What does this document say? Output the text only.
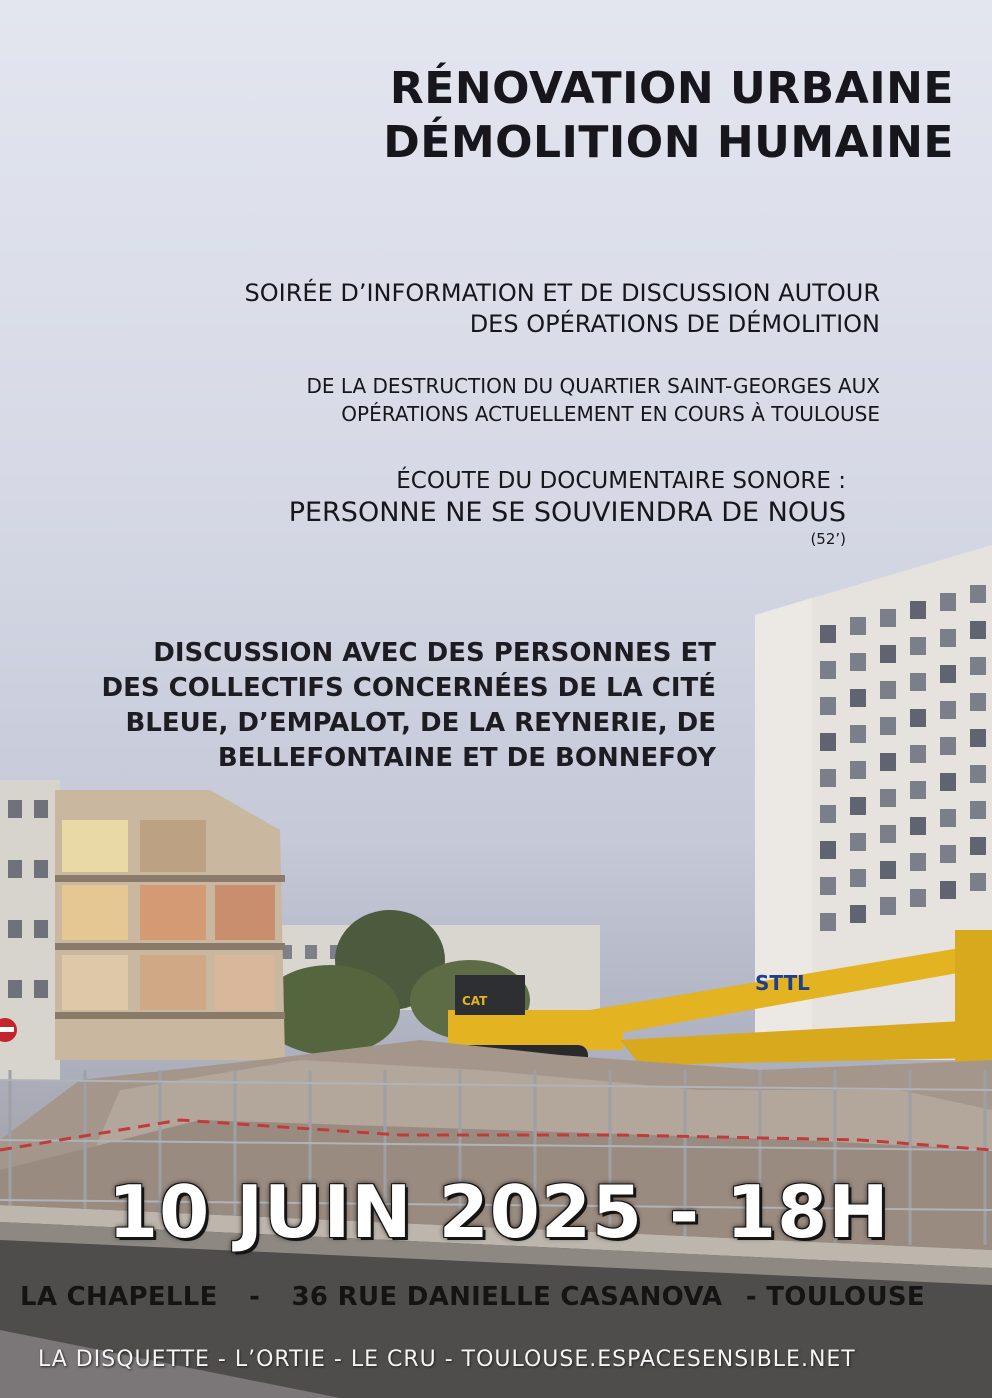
STTL
CAT
RÉNOVATION URBAINE
DÉMOLITION HUMAINE

SOIRÉE D’INFORMATION ET DE DISCUSSION AUTOUR
DES OPÉRATIONS DE DÉMOLITION

DE LA DESTRUCTION DU QUARTIER SAINT-GEORGES AUX
OPÉRATIONS ACTUELLEMENT EN COURS À TOULOUSE

ÉCOUTE DU DOCUMENTAIRE SONORE :
PERSONNE NE SE SOUVIENDRA DE NOUS
(52’)

DISCUSSION AVEC DES PERSONNES ET
DES COLLECTIFS CONCERNÉES DE LA CITÉ
BLEUE, D’EMPALOT, DE LA REYNERIE, DE
BELLEFONTAINE ET DE BONNEFOY

10 JUIN 2025 - 18H
LA CHAPELLE - 36 RUE DANIELLE CASANOVA - TOULOUSE
LA DISQUETTE - L’ORTIE - LE CRU - TOULOUSE.ESPACESENSIBLE.NET
